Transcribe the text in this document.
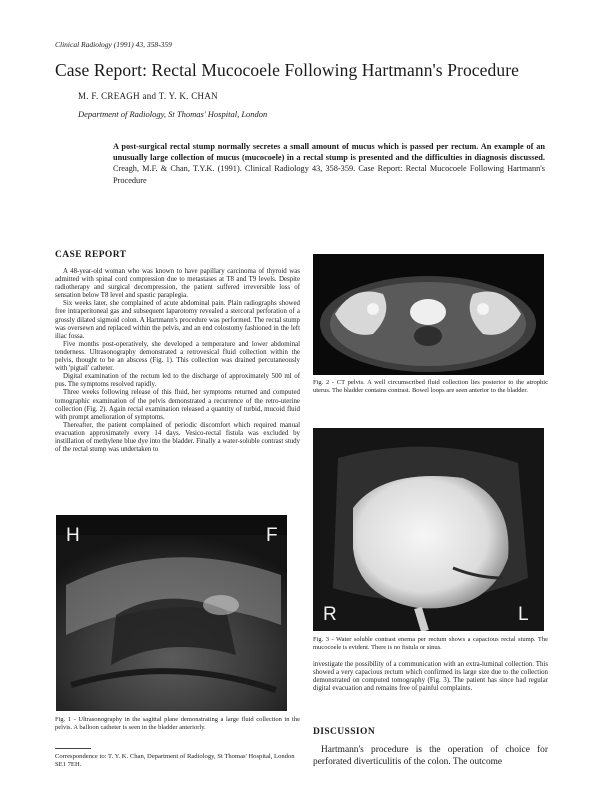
Clinical Radiology (1991) 43, 358-359
Case Report: Rectal Mucocoele Following Hartmann's Procedure
M. F. CREAGH and T. Y. K. CHAN
Department of Radiology, St Thomas' Hospital, London
A post-surgical rectal stump normally secretes a small amount of mucus which is passed per rectum. An example of an unusually large collection of mucus (mucocoele) in a rectal stump is presented and the difficulties in diagnosis discussed. Creagh, M.F. & Chan, T.Y.K. (1991). Clinical Radiology 43, 358-359. Case Report: Rectal Mucocoele Following Hartmann's Procedure
CASE REPORT

A 48-year-old woman who was known to have papillary carcinoma of thyroid was admitted with spinal cord compression due to metastases at T8 and T9 levels. Despite radiotherapy and surgical decompression, the patient suffered irreversible loss of sensation below T8 level and spastic paraplegia.

Six weeks later, she complained of acute abdominal pain. Plain radiographs showed free intraperitoneal gas and subsequent laparotomy revealed a stercoral perforation of a grossly dilated sigmoid colon. A Hartmann's procedure was performed. The rectal stump was oversewn and replaced within the pelvis, and an end colostomy fashioned in the left iliac fossa.

Five months post-operatively, she developed a temperature and lower abdominal tenderness. Ultrasonography demonstrated a retrovesical fluid collection within the pelvis, thought to be an abscess (Fig. 1). This collection was drained percutaneously with 'pigtail' catheter.

Digital examination of the rectum led to the discharge of approximately 500 ml of pus. The symptoms resolved rapidly.

Three weeks following release of this fluid, her symptoms returned and computed tomographic examination of the pelvis demonstrated a recurrence of the retro-uterine collection (Fig. 2). Again rectal examination released a quantity of turbid, mucoid fluid with prompt amelioration of symptoms.

Thereafter, the patient complained of periodic discomfort which required manual evacuation approximately every 14 days. Vesico-rectal fistula was excluded by instillation of methylene blue dye into the bladder. Finally a water-soluble contrast study of the rectal stump was undertaken to

H	F
Fig. 1 - Ultrasonography in the sagittal plane demonstrating a large fluid collection in the pelvis. A balloon catheter is seen in the bladder anteriorly.
Correspondence to: T. Y. K. Chan, Department of Radiology, St Thomas' Hospital, London SE1 7EH.
Fig. 2 - CT pelvis. A well circumscribed fluid collection lies posterior to the atrophic uterus. The bladder contains contrast. Bowel loops are seen anterior to the bladder.
R	L
Fig. 3 - Water soluble contrast enema per rectum shows a capacious rectal stump. The mucocoele is evident. There is no fistula or sinus.
investigate the possibility of a communication with an extra-luminal collection. This showed a very capacious rectum which confirmed its large size due to the collection demonstrated on computed tomography (Fig. 3). The patient has since had regular digital evacuation and remains free of painful complaints.
DISCUSSION
Hartmann's procedure is the operation of choice for perforated diverticulitis of the colon. The outcome
